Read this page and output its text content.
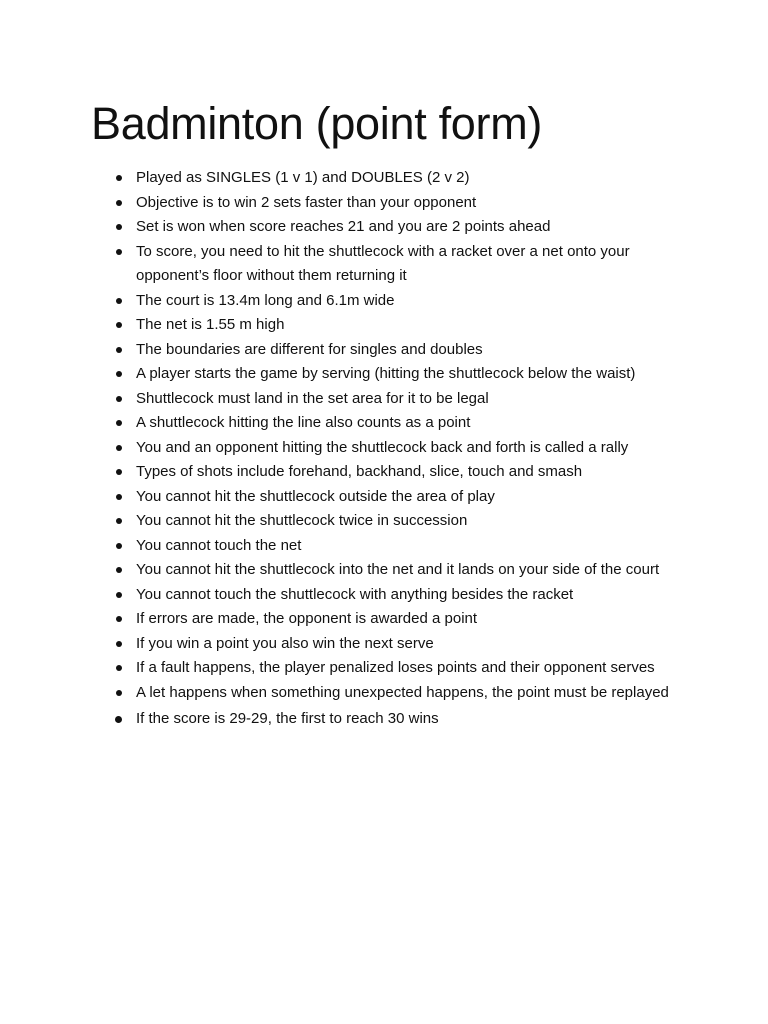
Badminton (point form)
Played as SINGLES (1 v 1) and DOUBLES (2 v 2)
Objective is to win 2 sets faster than your opponent
Set is won when score reaches 21 and you are 2 points ahead
To score, you need to hit the shuttlecock with a racket over a net onto your opponent’s floor without them returning it
The court is 13.4m long and 6.1m wide
The net is 1.55 m high
The boundaries are different for singles and doubles
A player starts the game by serving (hitting the shuttlecock below the waist)
Shuttlecock must land in the set area for it to be legal
A shuttlecock hitting the line also counts as a point
You and an opponent hitting the shuttlecock back and forth is called a rally
Types of shots include forehand, backhand, slice, touch and smash
You cannot hit the shuttlecock outside the area of play
You cannot hit the shuttlecock twice in succession
You cannot touch the net
You cannot hit the shuttlecock into the net and it lands on your side of the court
You cannot touch the shuttlecock with anything besides the racket
If errors are made, the opponent is awarded a point
If you win a point you also win the next serve
If a fault happens, the player penalized loses points and their opponent serves
A let happens when something unexpected happens, the point must be replayed
If the score is 29-29, the first to reach 30 wins
